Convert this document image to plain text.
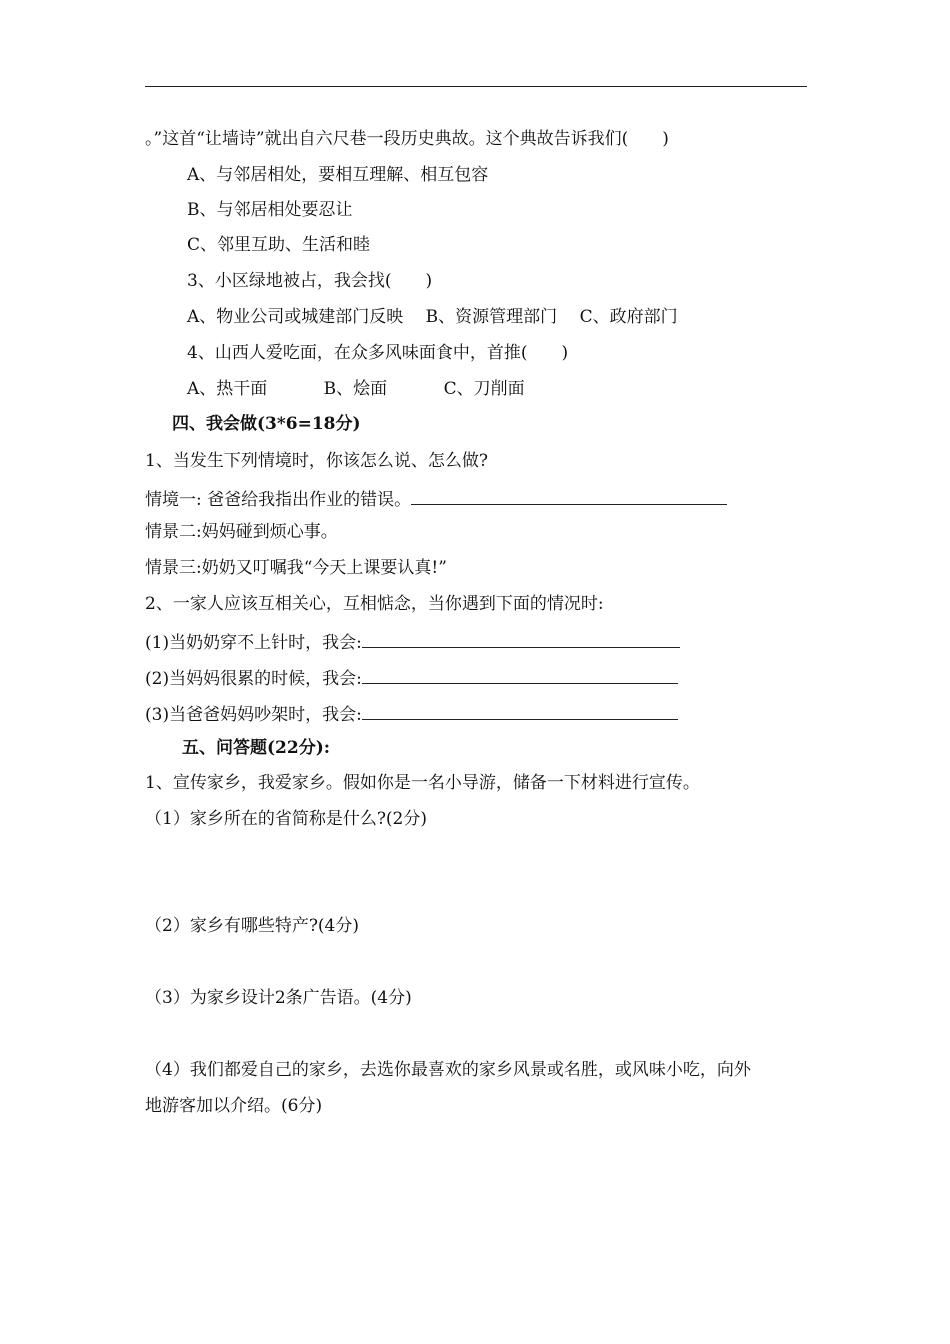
。”这首“让墙诗”就出自六尺巷一段历史典故。这个典故告诉我们(　　)
A、与邻居相处，要相互理解、相互包容
B、与邻居相处要忍让
C、邻里互助、生活和睦
3、小区绿地被占，我会找(　　)
A、物业公司或城建部门反映　 B、资源管理部门　 C、政府部门
4、山西人爱吃面，在众多风味面食中，首推(　　)
A、热干面　　　 B、烩面　　　 C、刀削面
四、我会做(3*6=18分)
1、当发生下列情境时，你该怎么说、怎么做?
情境一: 爸爸给我指出作业的错误。
情景二:妈妈碰到烦心事。
情景三:奶奶又叮嘱我“今天上课要认真!”
2、一家人应该互相关心，互相惦念，当你遇到下面的情况时:
(1)当奶奶穿不上针时，我会:
(2)当妈妈很累的时候，我会:
(3)当爸爸妈妈吵架时，我会:
五、问答题(22分):
1、宣传家乡，我爱家乡。假如你是一名小导游，储备一下材料进行宣传。
（1）家乡所在的省简称是什么?(2分)
（2）家乡有哪些特产?(4分)
（3）为家乡设计2条广告语。(4分)
（4）我们都爱自己的家乡，去选你最喜欢的家乡风景或名胜，或风味小吃，向外
地游客加以介绍。(6分)
